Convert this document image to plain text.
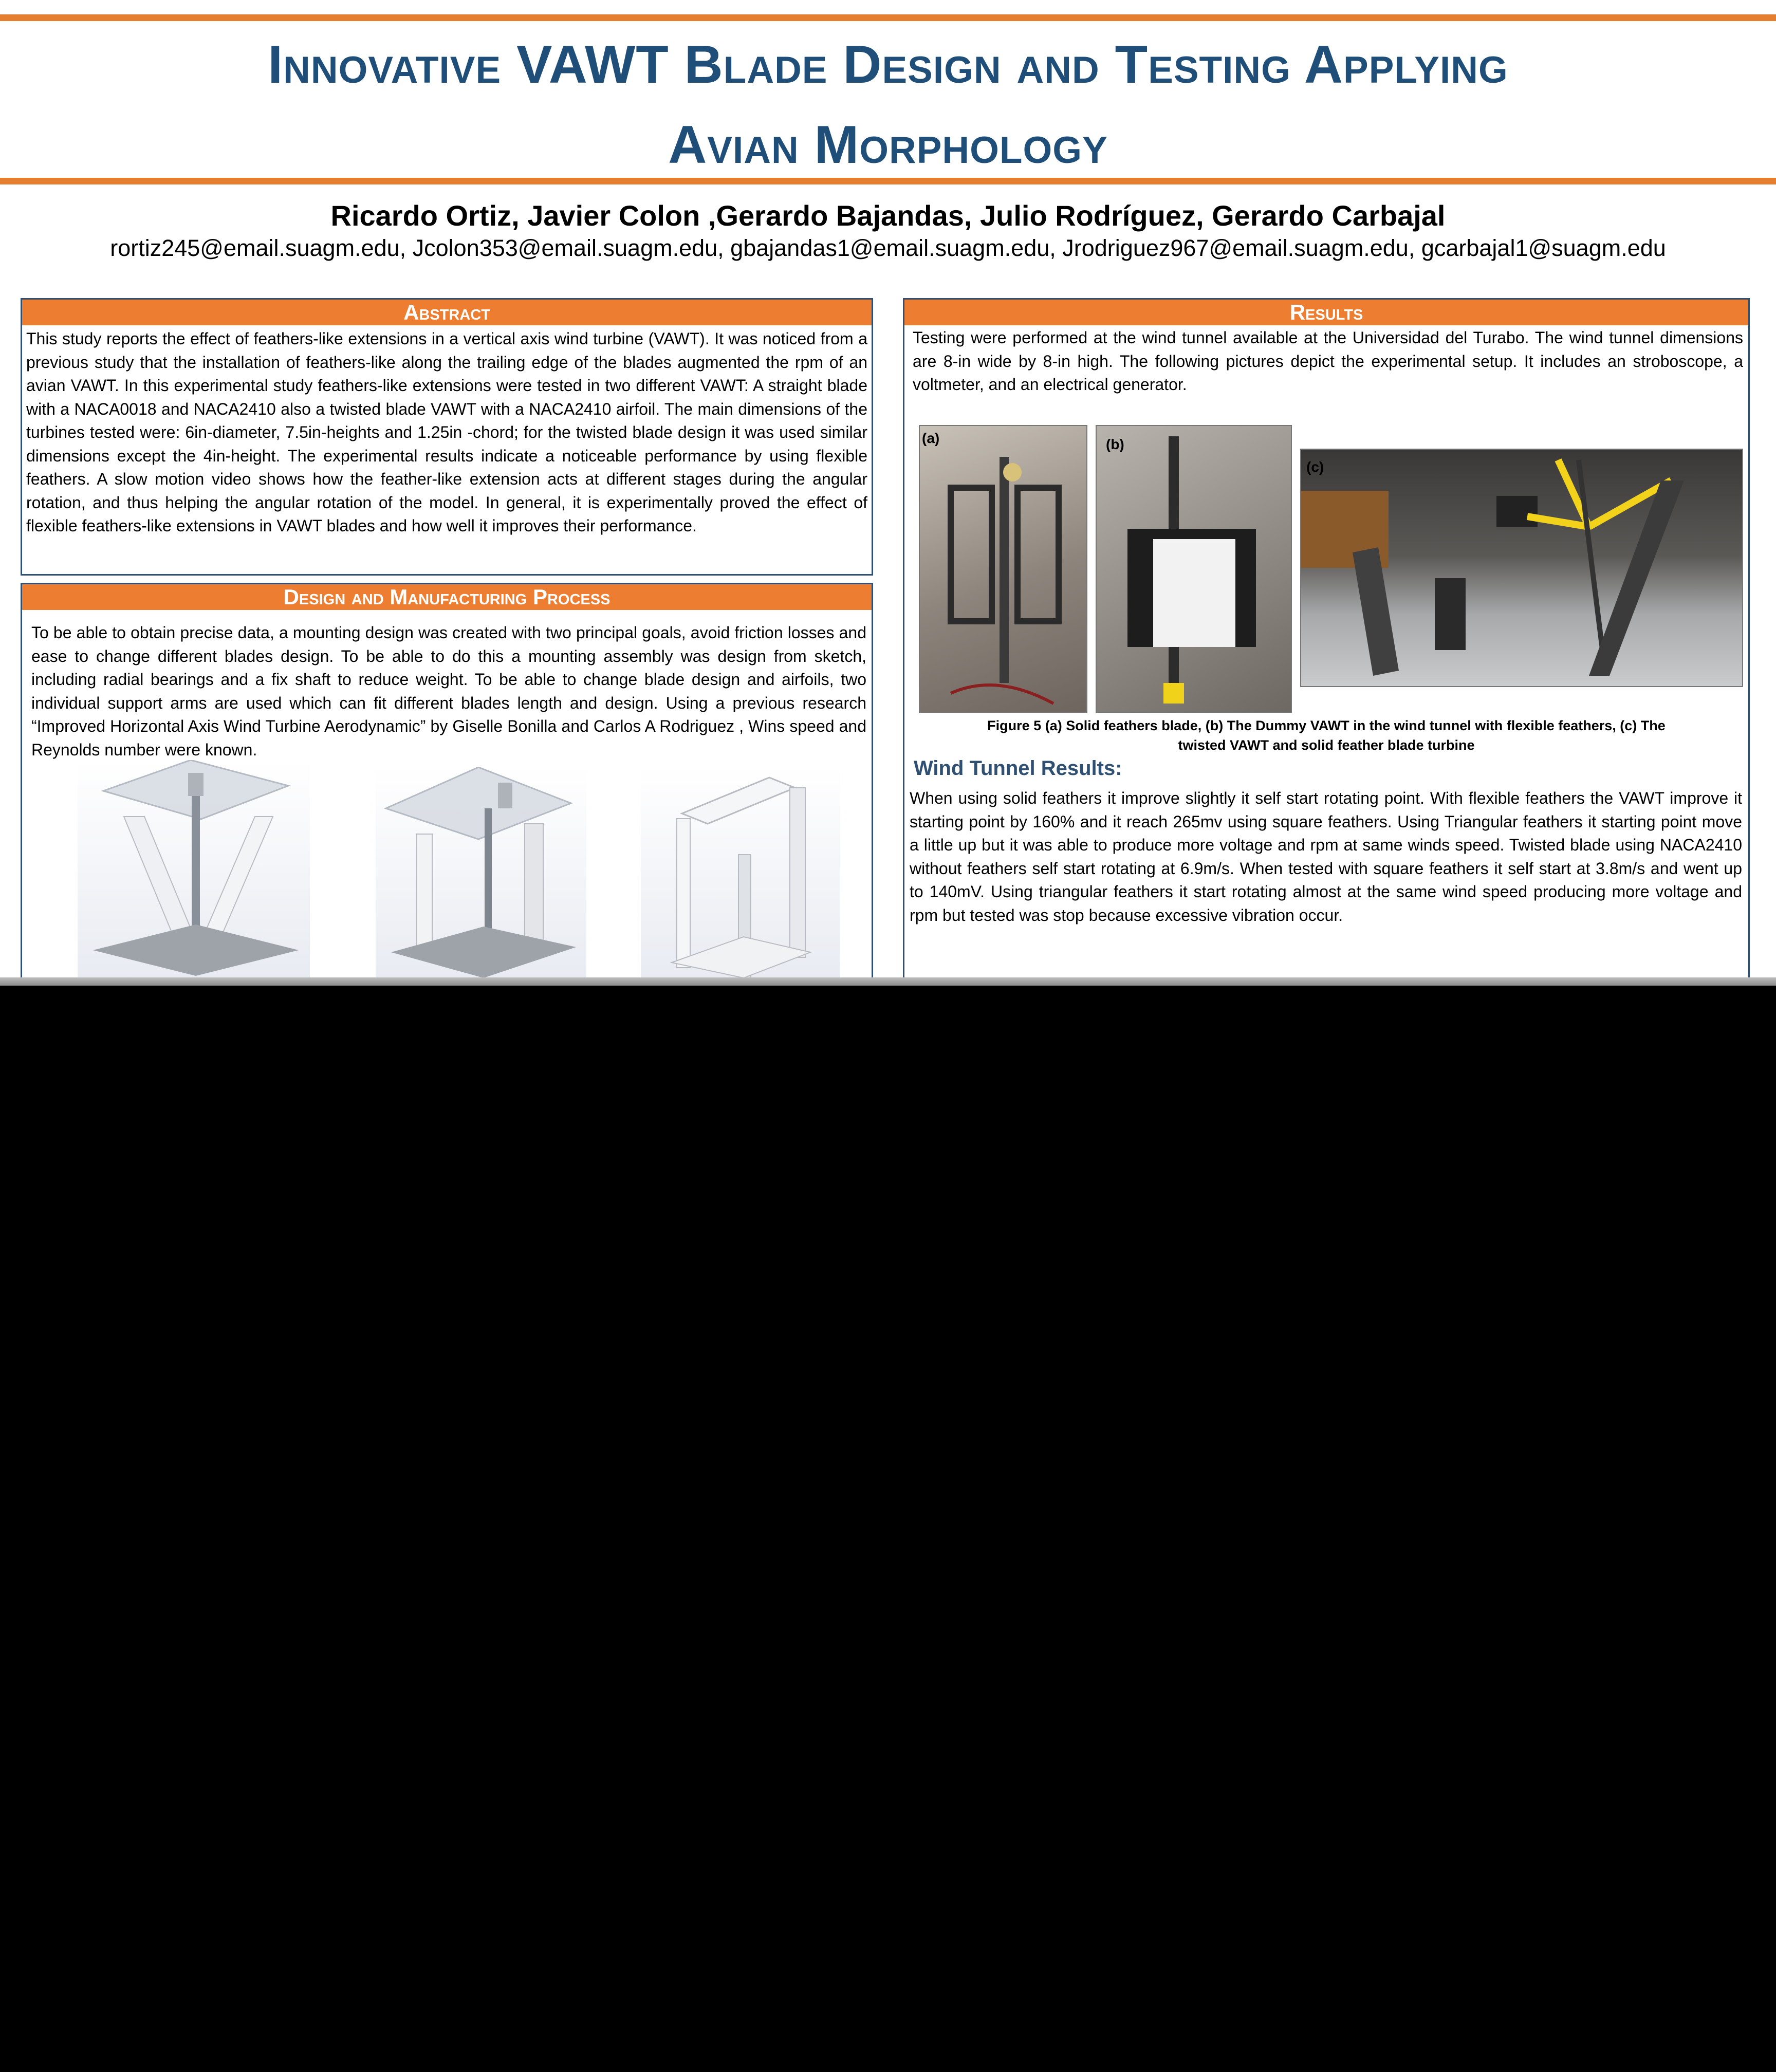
Innovative VAWT Blade Design and Testing Applying
Avian Morphology
Ricardo Ortiz, Javier Colon ,Gerardo Bajandas, Julio Rodríguez, Gerardo Carbajal
rortiz245@email.suagm.edu, Jcolon353@email.suagm.edu, gbajandas1@email.suagm.edu, Jrodriguez967@email.suagm.edu, gcarbajal1@suagm.edu
Abstract
This study reports the effect of feathers-like extensions in a vertical axis wind turbine (VAWT). It was noticed from a previous study that the installation of feathers-like along the trailing edge of the blades augmented the rpm of an avian VAWT. In this experimental study feathers-like extensions were tested in two different VAWT: A straight blade with a NACA0018 and NACA2410 also a twisted blade VAWT with a NACA2410 airfoil. The main dimensions of the turbines tested were: 6in-diameter, 7.5in-heights and 1.25in -chord; for the twisted blade design it was used similar dimensions except the 4in-height. The experimental results indicate a noticeable performance by using flexible feathers. A slow motion video shows how the feather-like extension acts at different stages during the angular rotation, and thus helping the angular rotation of the model. In general, it is experimentally proved the effect of flexible feathers-like extensions in VAWT blades and how well it improves their performance.
Design and Manufacturing Process
To be able to obtain precise data, a mounting design was created with two principal goals, avoid friction losses and ease to change different blades design. To be able to do this a mounting assembly was design from sketch, including radial bearings and a fix shaft to reduce weight. To be able to change blade design and airfoils, two individual support arms are used which can fit different blades length and design. Using a previous research “Improved Horizontal Axis Wind Turbine Aerodynamic” by Giselle Bonilla and Carlos A Rodriguez , Wins speed and Reynolds number were known.
Results
Testing were performed at the wind tunnel available at the Universidad del Turabo. The wind tunnel dimensions are 8-in wide by 8-in high. The following pictures depict the experimental setup. It includes an stroboscope, a voltmeter, and an electrical generator.
(a)	(b)
(c)
Figure 5 (a) Solid feathers blade, (b) The Dummy VAWT in the wind tunnel with flexible feathers, (c) The
twisted VAWT and solid feather blade turbine
Wind Tunnel Results:
When using solid feathers it improve slightly it self start rotating point. With flexible feathers the VAWT improve it starting point by 160% and it reach 265mv using square feathers. Using Triangular feathers it starting point move a little up but it was able to produce more voltage and rpm at same winds speed. Twisted blade using NACA2410 without feathers self start rotating at 6.9m/s. When tested with square feathers it self start at 3.8m/s and went up to 140mV. Using triangular feathers it start rotating almost at the same wind speed producing more voltage and rpm but tested was stop because excessive vibration occur.
